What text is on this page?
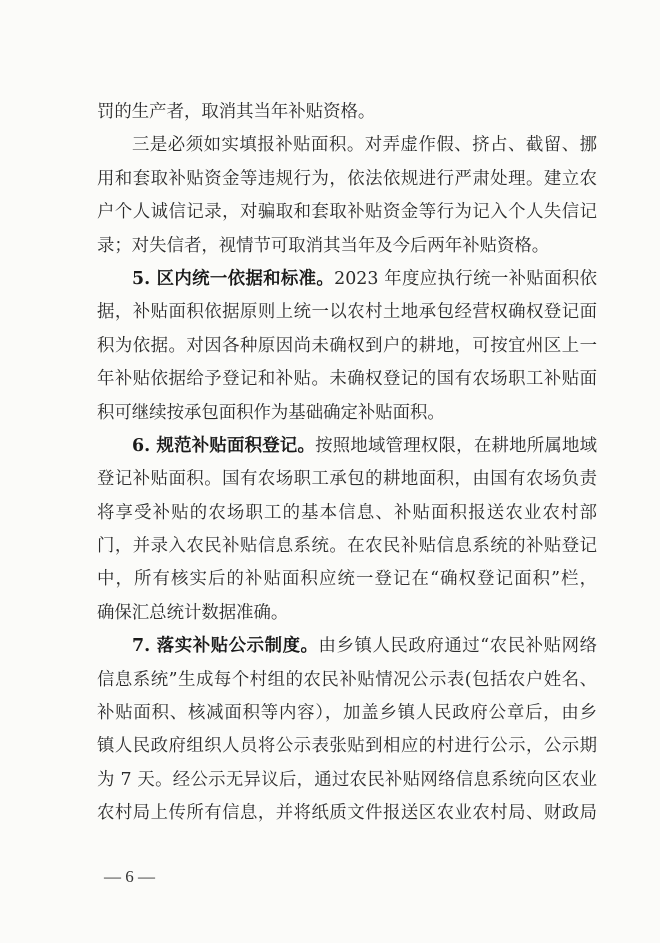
罚的生产者，取消其当年补贴资格。
三是必须如实填报补贴面积。对弄虚作假、挤占、截留、挪
用和套取补贴资金等违规行为，依法依规进行严肃处理。建立农
户个人诚信记录，对骗取和套取补贴资金等行为记入个人失信记
录；对失信者，视情节可取消其当年及今后两年补贴资格。
5. 区内统一依据和标准。2023 年度应执行统一补贴面积依
据，补贴面积依据原则上统一以农村土地承包经营权确权登记面
积为依据。对因各种原因尚未确权到户的耕地，可按宜州区上一
年补贴依据给予登记和补贴。未确权登记的国有农场职工补贴面
积可继续按承包面积作为基础确定补贴面积。
6. 规范补贴面积登记。按照地域管理权限，在耕地所属地域
登记补贴面积。国有农场职工承包的耕地面积，由国有农场负责
将享受补贴的农场职工的基本信息、补贴面积报送农业农村部
门，并录入农民补贴信息系统。在农民补贴信息系统的补贴登记
中，所有核实后的补贴面积应统一登记在“确权登记面积”栏，
确保汇总统计数据准确。
7. 落实补贴公示制度。由乡镇人民政府通过“农民补贴网络
信息系统”生成每个村组的农民补贴情况公示表(包括农户姓名、
补贴面积、核减面积等内容），加盖乡镇人民政府公章后，由乡
镇人民政府组织人员将公示表张贴到相应的村进行公示，公示期
为 7 天。经公示无异议后，通过农民补贴网络信息系统向区农业
农村局上传所有信息，并将纸质文件报送区农业农村局、财政局
— 6 —
